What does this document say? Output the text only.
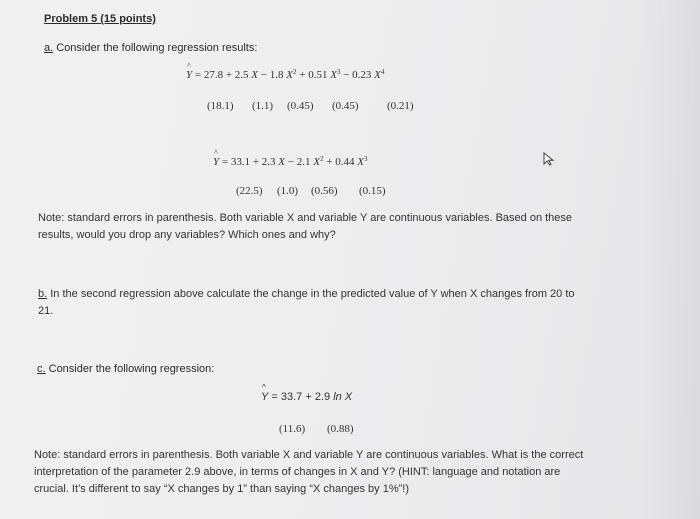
Problem 5 (15 points)
a. Consider the following regression results:
Y ^ = 27.8 + 2.5 X − 1.8 $X^2 + 0.51$ $X^3 - 0.23$ $X^4$
(18.1) (1.1) (0.45) (0.45)	(0.21)
Y ^ = 33.1 + 2.3 X − 2.1 $X^2 + 0.44$ $X^3$
(22.5) (1.0) (0.56) (0.15)
Note: standard errors in parenthesis. Both variable X and variable Y are continuous variables. Based on these results, would you drop any variables? Which ones and why?
b. In the second regression above calculate the change in the predicted value of Y when X changes from 20 to 21.
c. Consider the following regression:
Y ^ = 33.7 + 2.9 ln X
(11.6) (0.88)
Note: standard errors in parenthesis. Both variable X and variable Y are continuous variables. What is the correct interpretation of the parameter 2.9 above, in terms of changes in X and Y? (HINT: language and notation are crucial. It’s different to say “X changes by 1” than saying “X changes by 1%”!)
